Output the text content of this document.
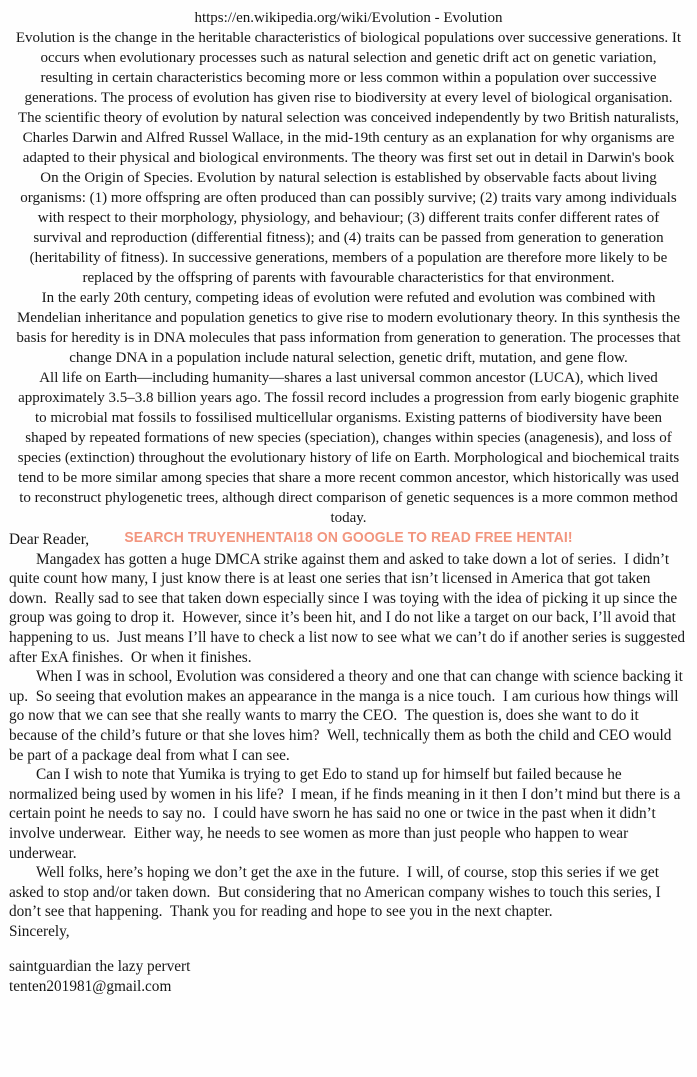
SEARCH TRUYENHENTAI18 ON GOOGLE TO READ FREE HENTAI!

https://en.wikipedia.org/wiki/Evolution - Evolution

Evolution is the change in the heritable characteristics of biological populations over successive generations. It occurs when evolutionary processes such as natural selection and genetic drift act on genetic variation, resulting in certain characteristics becoming more or less common within a population over successive generations. The process of evolution has given rise to biodiversity at every level of biological organisation.

The scientific theory of evolution by natural selection was conceived independently by two British naturalists, Charles Darwin and Alfred Russel Wallace, in the mid-19th century as an explanation for why organisms are adapted to their physical and biological environments. The theory was first set out in detail in Darwin's book On the Origin of Species. Evolution by natural selection is established by observable facts about living organisms: (1) more offspring are often produced than can possibly survive; (2) traits vary among individuals with respect to their morphology, physiology, and behaviour; (3) different traits confer different rates of survival and reproduction (differential fitness); and (4) traits can be passed from generation to generation (heritability of fitness). In successive generations, members of a population are therefore more likely to be replaced by the offspring of parents with favourable characteristics for that environment.

In the early 20th century, competing ideas of evolution were refuted and evolution was combined with Mendelian inheritance and population genetics to give rise to modern evolutionary theory. In this synthesis the basis for heredity is in DNA molecules that pass information from generation to generation. The processes that change DNA in a population include natural selection, genetic drift, mutation, and gene flow.

All life on Earth—including humanity—shares a last universal common ancestor (LUCA), which lived approximately 3.5–3.8 billion years ago. The fossil record includes a progression from early biogenic graphite to microbial mat fossils to fossilised multicellular organisms. Existing patterns of biodiversity have been shaped by repeated formations of new species (speciation), changes within species (anagenesis), and loss of species (extinction) throughout the evolutionary history of life on Earth. Morphological and biochemical traits tend to be more similar among species that share a more recent common ancestor, which historically was used to reconstruct phylogenetic trees, although direct comparison of genetic sequences is a more common method today.

Dear Reader,

Mangadex has gotten a huge DMCA strike against them and asked to take down a lot of series.  I didn’t quite count how many, I just know there is at least one series that isn’t licensed in America that got taken down.  Really sad to see that taken down especially since I was toying with the idea of picking it up since the group was going to drop it.  However, since it’s been hit, and I do not like a target on our back, I’ll avoid that happening to us.  Just means I’ll have to check a list now to see what we can’t do if another series is suggested after ExA finishes.  Or when it finishes.

When I was in school, Evolution was considered a theory and one that can change with science backing it up.  So seeing that evolution makes an appearance in the manga is a nice touch.  I am curious how things will go now that we can see that she really wants to marry the CEO.  The question is, does she want to do it because of the child’s future or that she loves him?  Well, technically them as both the child and CEO would be part of a package deal from what I can see.

Can I wish to note that Yumika is trying to get Edo to stand up for himself but failed because he normalized being used by women in his life?  I mean, if he finds meaning in it then I don’t mind but there is a certain point he needs to say no.  I could have sworn he has said no one or twice in the past when it didn’t involve underwear.  Either way, he needs to see women as more than just people who happen to wear underwear.

Well folks, here’s hoping we don’t get the axe in the future.  I will, of course, stop this series if we get asked to stop and/or taken down.  But considering that no American company wishes to touch this series, I don’t see that happening.  Thank you for reading and hope to see you in the next chapter.

Sincerely,

saintguardian the lazy pervert

tenten201981@gmail.com
